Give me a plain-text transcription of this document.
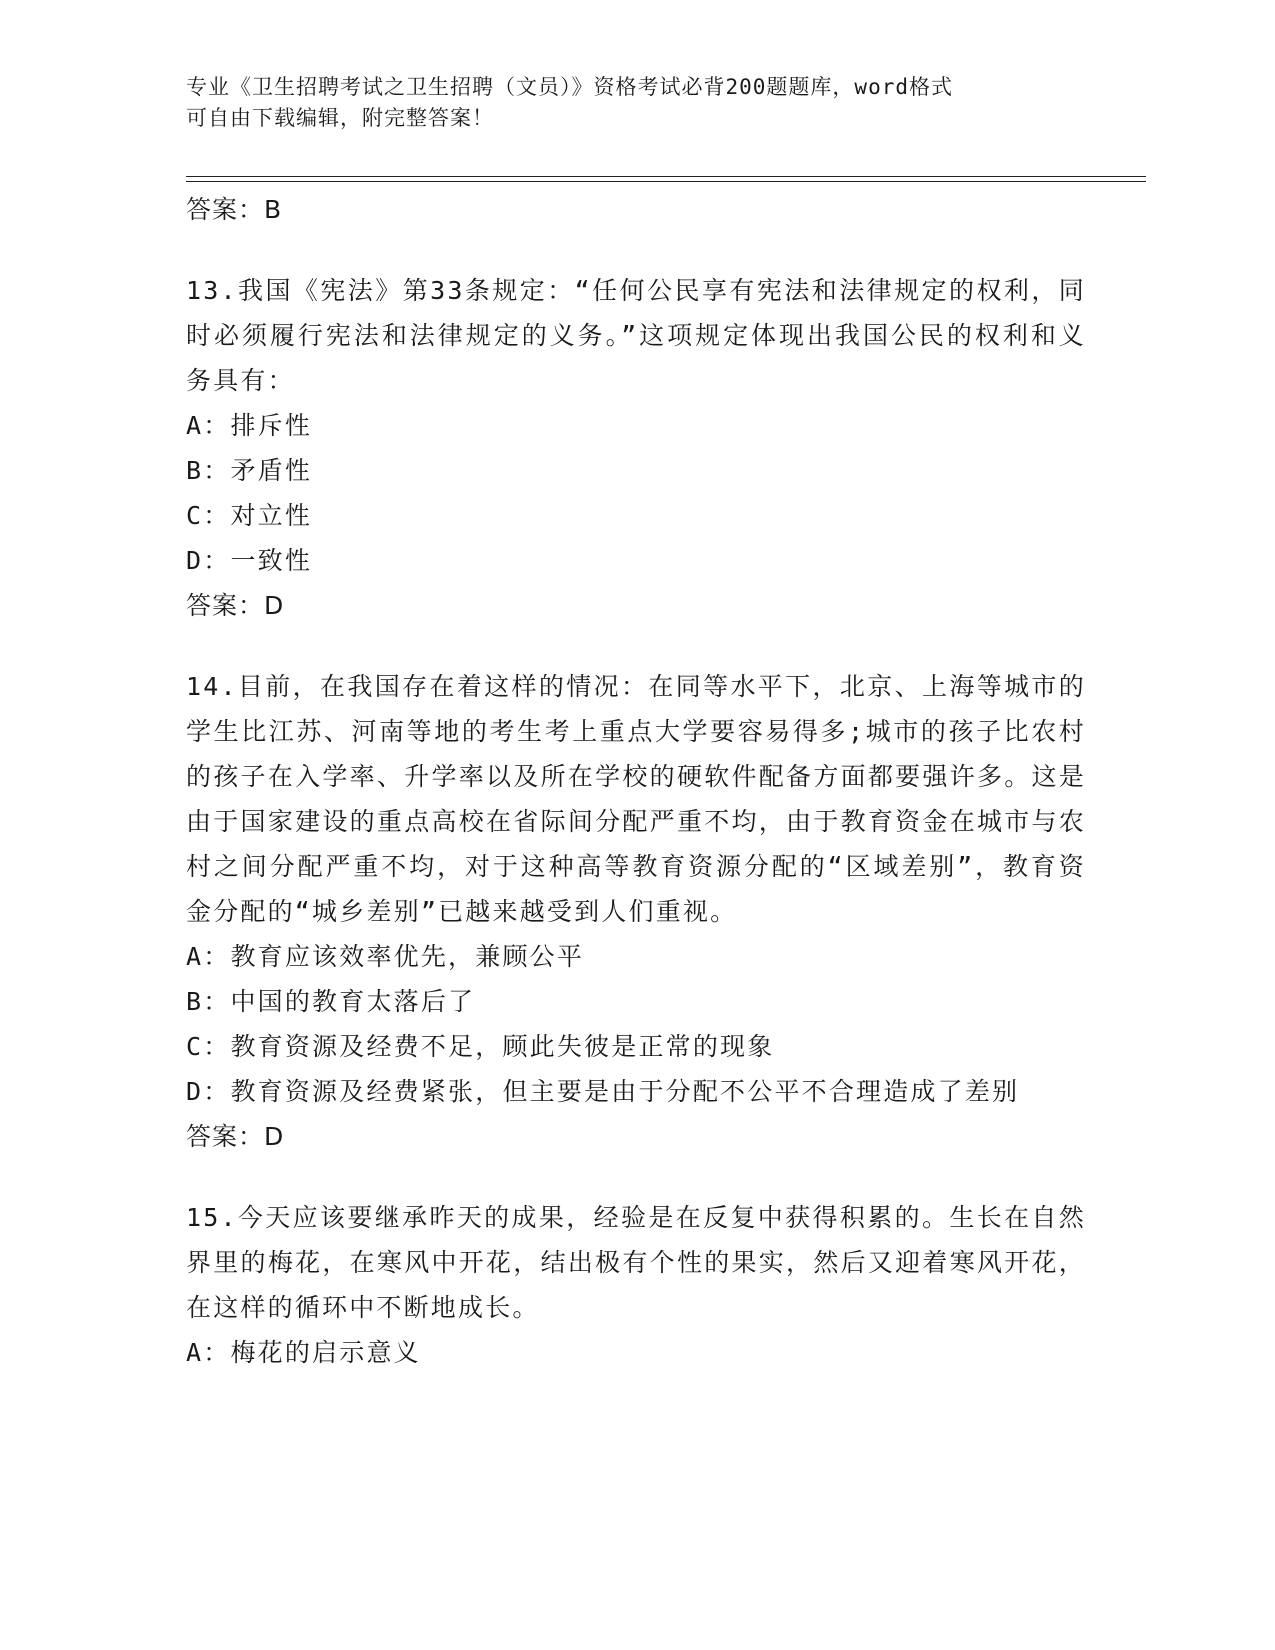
专业《卫生招聘考试之卫生招聘（文员）》资格考试必背200题题库，word格式
可自由下载编辑，附完整答案！
答案：B
13.我国《宪法》第33条规定：“任何公民享有宪法和法律规定的权利，同时必须履行宪法和法律规定的义务。”这项规定体现出我国公民的权利和义务具有：
A：排斥性
B：矛盾性
C：对立性
D：一致性
答案：D
14.目前，在我国存在着这样的情况：在同等水平下，北京、上海等城市的学生比江苏、河南等地的考生考上重点大学要容易得多;城市的孩子比农村的孩子在入学率、升学率以及所在学校的硬软件配备方面都要强许多。这是由于国家建设的重点高校在省际间分配严重不均，由于教育资金在城市与农村之间分配严重不均，对于这种高等教育资源分配的“区域差别”，教育资金分配的“城乡差别”已越来越受到人们重视。
A：教育应该效率优先，兼顾公平
B：中国的教育太落后了
C：教育资源及经费不足，顾此失彼是正常的现象
D：教育资源及经费紧张，但主要是由于分配不公平不合理造成了差别
答案：D
15.今天应该要继承昨天的成果，经验是在反复中获得积累的。生长在自然界里的梅花，在寒风中开花，结出极有个性的果实，然后又迎着寒风开花，在这样的循环中不断地成长。
A：梅花的启示意义
